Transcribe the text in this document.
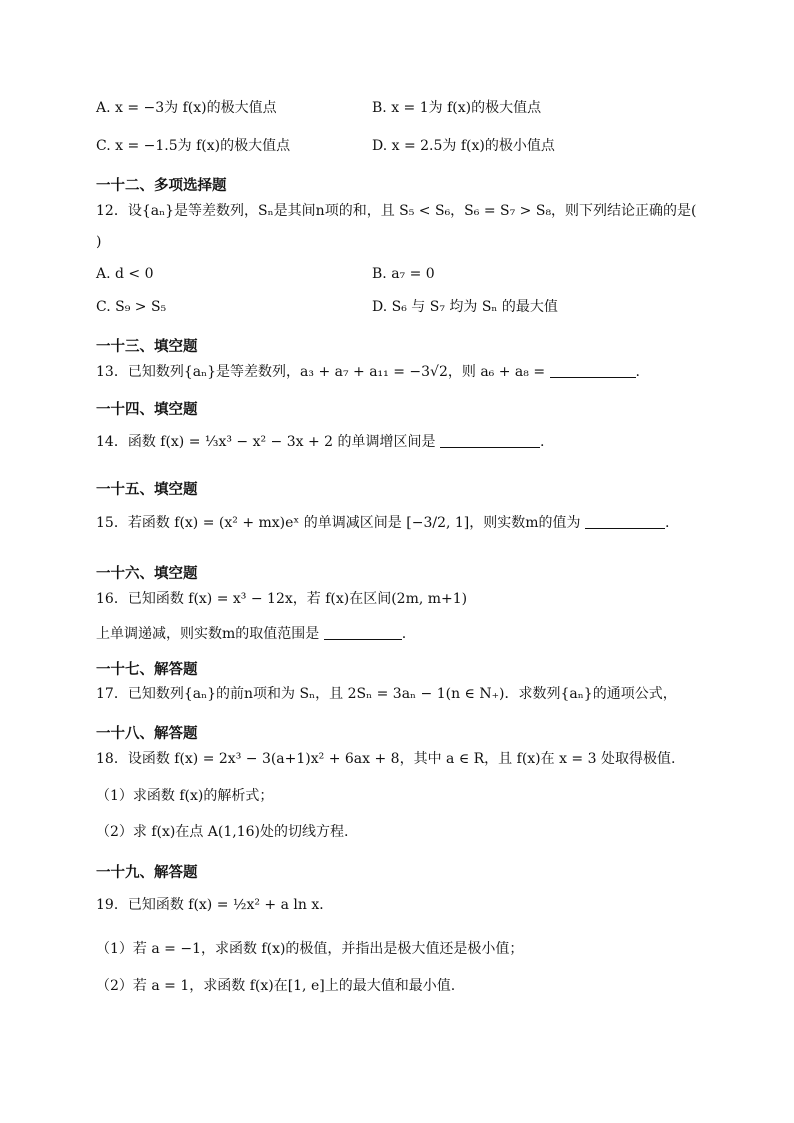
A. x = −3为 f(x)的极大值点	B. x = 1为 f(x)的极大值点
C. x = −1.5为 f(x)的极大值点	D. x = 2.5为 f(x)的极小值点
一十二、多项选择题
12．设{aₙ}是等差数列，Sₙ是其间n项的和，且 S₅ < S₆，S₆ = S₇ > S₈，则下列结论正确的是(
)
A. d < 0	B. a₇ = 0
C. S₉ > S₅	D. S₆ 与 S₇ 均为 Sₙ 的最大值
一十三、填空题
13．已知数列{aₙ}是等差数列，a₃ + a₇ + a₁₁ = −3√2，则 a₆ + a₈ =	.
一十四、填空题
14．函数 f(x) = ⅓x³ − x² − 3x + 2 的单调增区间是	.
一十五、填空题
15．若函数 f(x) = (x² + mx)eˣ 的单调减区间是 [−3/2, 1]，则实数m的值为	.
一十六、填空题
16．已知函数 f(x) = x³ − 12x，若 f(x)在区间(2m, m+1)
上单调递减，则实数m的取值范围是	.
一十七、解答题
17．已知数列{aₙ}的前n项和为 Sₙ，且 2Sₙ = 3aₙ − 1(n ∈ N₊)．求数列{aₙ}的通项公式，
一十八、解答题
18．设函数 f(x) = 2x³ − 3(a+1)x² + 6ax + 8，其中 a ∈ R，且 f(x)在 x = 3 处取得极值.
（1）求函数 f(x)的解析式；
（2）求 f(x)在点 A(1,16)处的切线方程.
一十九、解答题
19．已知函数 f(x) = ½x² + a ln x．
（1）若 a = −1，求函数 f(x)的极值，并指出是极大值还是极小值；
（2）若 a = 1，求函数 f(x)在[1, e]上的最大值和最小值.
